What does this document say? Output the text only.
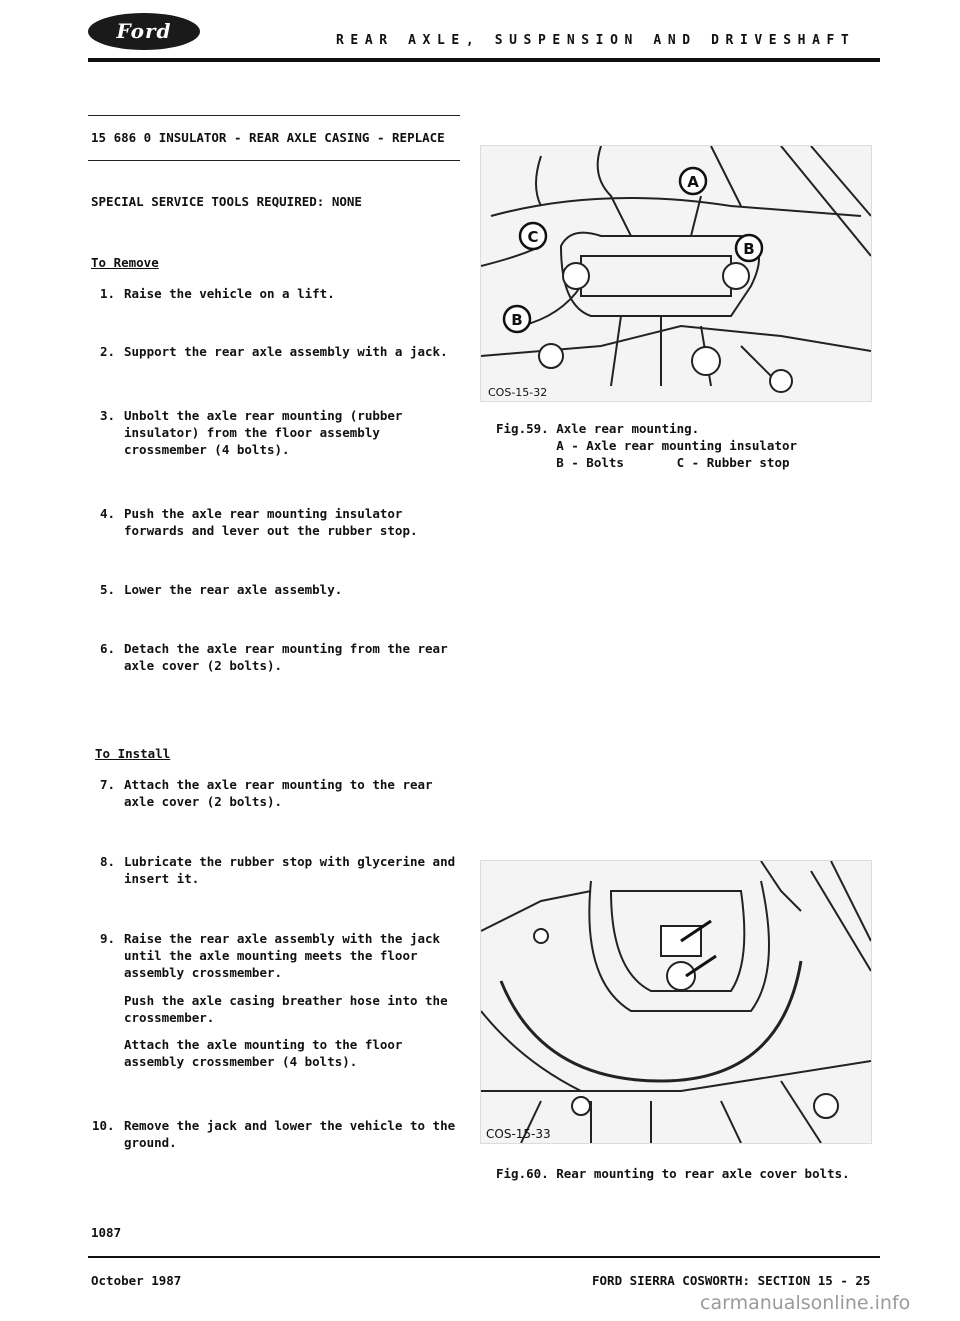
Ford	REAR AXLE, SUSPENSION AND DRIVESHAFT
15 686 0 INSULATOR - REAR AXLE CASING - REPLACE
SPECIAL SERVICE TOOLS REQUIRED: NONE
To Remove
1. Raise the vehicle on a lift.
2. Support the rear axle assembly with a jack.
3. Unbolt the axle rear mounting (rubber
insulator) from the floor assembly
crossmember (4 bolts).
4. Push the axle rear mounting insulator
forwards and lever out the rubber stop.
5. Lower the rear axle assembly.
6. Detach the axle rear mounting from the rear
axle cover (2 bolts).
To Install
7. Attach the axle rear mounting to the rear
axle cover (2 bolts).
8. Lubricate the rubber stop with glycerine and
insert it.
9. Raise the rear axle assembly with the jack
until the axle mounting meets the floor
assembly crossmember.
Push the axle casing breather hose into the
crossmember.
Attach the axle mounting to the floor
assembly crossmember (4 bolts).
10. Remove the jack and lower the vehicle to the
ground.
A
C
B
B
COS-15-32
Fig.59. Axle rear mounting.
A - Axle rear mounting insulator
B - Bolts       C - Rubber stop
COS-15-33
Fig.60. Rear mounting to rear axle cover bolts.
1087
October 1987	FORD SIERRA COSWORTH: SECTION 15 - 25
carmanualsonline.info
